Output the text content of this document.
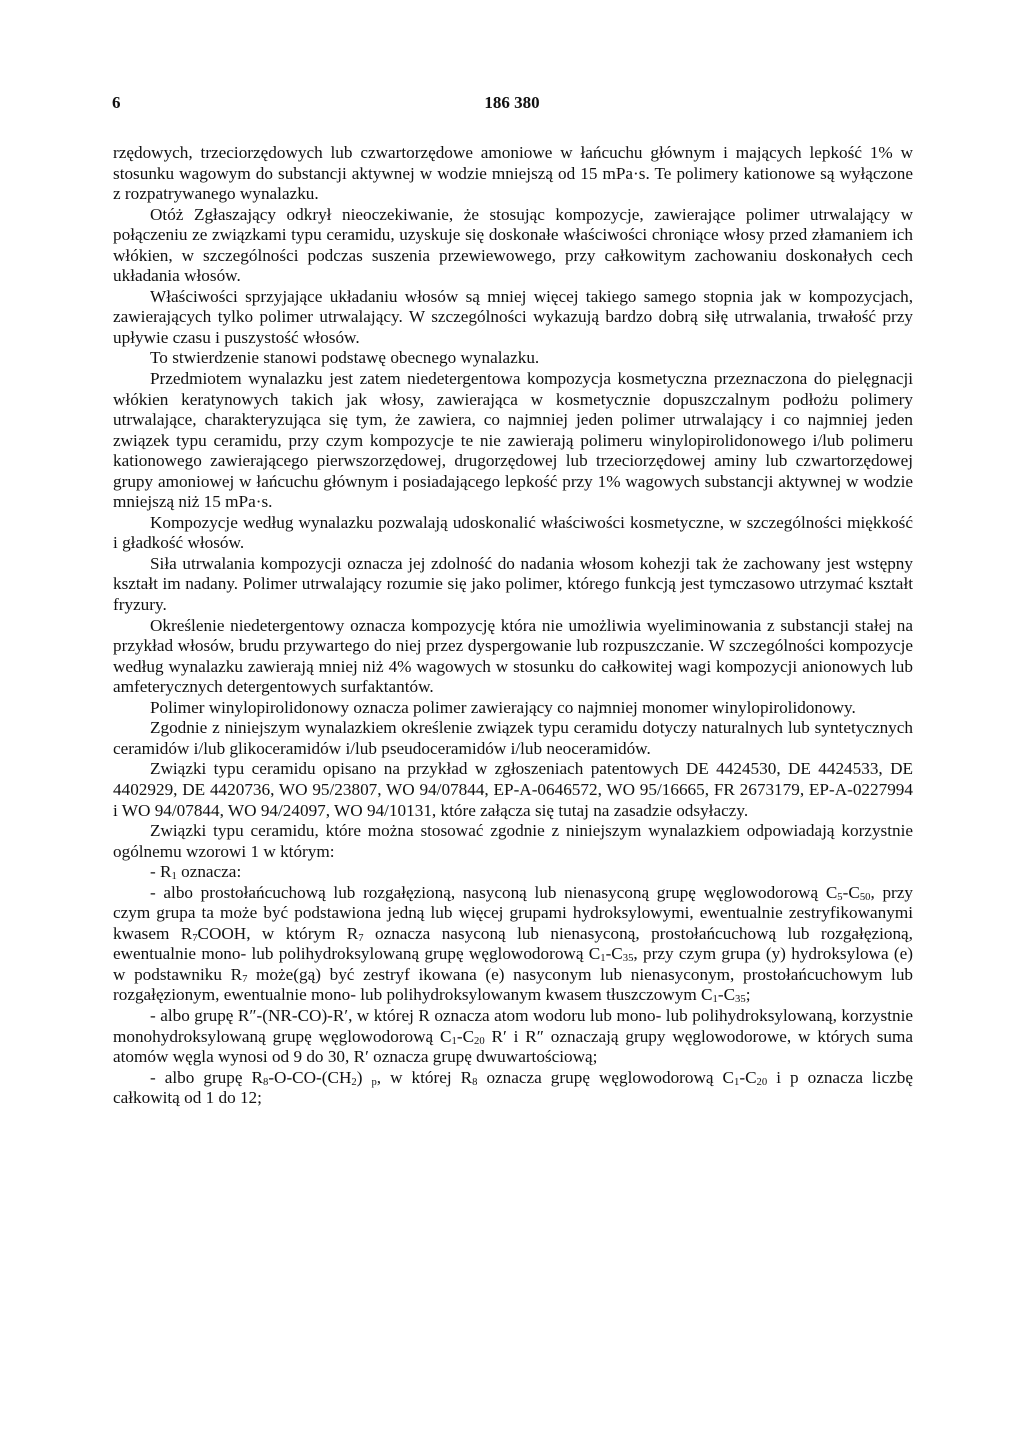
6	186 380

rzędowych, trzeciorzędowych lub czwartorzędowe amoniowe w łańcuchu głównym i mających lepkość 1% w stosunku wagowym do substancji aktywnej w wodzie mniejszą od 15 mPa·s. Te polimery kationowe są wyłączone z rozpatrywanego wynalazku.

Otóż Zgłaszający odkrył nieoczekiwanie, że stosując kompozycje, zawierające polimer utrwalający w połączeniu ze związkami typu ceramidu, uzyskuje się doskonałe właściwości chroniące włosy przed złamaniem ich włókien, w szczególności podczas suszenia przewiewowego, przy całkowitym zachowaniu doskonałych cech układania włosów.

Właściwości sprzyjające układaniu włosów są mniej więcej takiego samego stopnia jak w kompozycjach, zawierających tylko polimer utrwalający. W szczególności wykazują bardzo dobrą siłę utrwalania, trwałość przy upływie czasu i puszystość włosów.

To stwierdzenie stanowi podstawę obecnego wynalazku.

Przedmiotem wynalazku jest zatem niedetergentowa kompozycja kosmetyczna przeznaczona do pielęgnacji włókien keratynowych takich jak włosy, zawierająca w kosmetycznie dopuszczalnym podłożu polimery utrwalające, charakteryzująca się tym, że zawiera, co najmniej jeden polimer utrwalający i co najmniej jeden związek typu ceramidu, przy czym kompozycje te nie zawierają polimeru winylopirolidonowego i/lub polimeru kationowego zawierającego pierwszorzędowej, drugorzędowej lub trzeciorzędowej aminy lub czwartorzędowej grupy amoniowej w łańcuchu głównym i posiadającego lepkość przy 1% wagowych substancji aktywnej w wodzie mniejszą niż 15 mPa·s.

Kompozycje według wynalazku pozwalają udoskonalić właściwości kosmetyczne, w szczególności miękkość i gładkość włosów.

Siła utrwalania kompozycji oznacza jej zdolność do nadania włosom kohezji tak że zachowany jest wstępny kształt im nadany. Polimer utrwalający rozumie się jako polimer, którego funkcją jest tymczasowo utrzymać kształt fryzury.

Określenie niedetergentowy oznacza kompozycję która nie umożliwia wyeliminowania z substancji stałej na przykład włosów, brudu przywartego do niej przez dyspergowanie lub rozpuszczanie. W szczególności kompozycje według wynalazku zawierają mniej niż 4% wagowych w stosunku do całkowitej wagi kompozycji anionowych lub amfeterycznych detergentowych surfaktantów.

Polimer winylopirolidonowy oznacza polimer zawierający co najmniej monomer winylopirolidonowy.

Zgodnie z niniejszym wynalazkiem określenie związek typu ceramidu dotyczy naturalnych lub syntetycznych ceramidów i/lub glikoceramidów i/lub pseudoceramidów i/lub neoceramidów.

Związki typu ceramidu opisano na przykład w zgłoszeniach patentowych DE 4424530, DE 4424533, DE 4402929, DE 4420736, WO 95/23807, WO 94/07844, EP-A-0646572, WO 95/16665, FR 2673179, EP-A-0227994 i WO 94/07844, WO 94/24097, WO 94/10131, które załącza się tutaj na zasadzie odsyłaczy.

Związki typu ceramidu, które można stosować zgodnie z niniejszym wynalazkiem odpowiadają korzystnie ogólnemu wzorowi 1 w którym:

- $R_1$ oznacza:

- albo prostołańcuchową lub rozgałęzioną, nasyconą lub nienasyconą grupę węglowodorową $C_5-C_{50}$, przy czym grupa ta może być podstawiona jedną lub więcej grupami hydroksylowymi, ewentualnie zestryfikowanymi kwasem $R_7COOH$, w którym $R_7$ oznacza nasyconą lub nienasyconą, prostołańcuchową lub rozgałęzioną, ewentualnie mono- lub polihydroksylowaną grupę węglowodorową $C_1-C_{35}$, przy czym grupa (y) hydroksylowa (e) w podstawniku $R_7$ może(gą) być zestryf ikowana (e) nasyconym lub nienasyconym, prostołańcuchowym lub rozgałęzionym, ewentualnie mono- lub polihydroksylowanym kwasem tłuszczowym $C_1-C_{35}$;

- albo grupę R″-(NR-CO)-R′, w której R oznacza atom wodoru lub mono- lub polihydroksylowaną, korzystnie monohydroksylowaną grupę węglowodorową $C_1-C_{20}$ R′ i R″ oznaczają grupy węglowodorowe, w których suma atomów węgla wynosi od 9 do 30, R′ oznacza grupę dwuwartościową;

- albo grupę $R_8-O-CO-(CH_2)$ $_p$, w której $R_8$ oznacza grupę węglowodorową $C_1-C_{20}$ i p oznacza liczbę całkowitą od 1 do 12;
